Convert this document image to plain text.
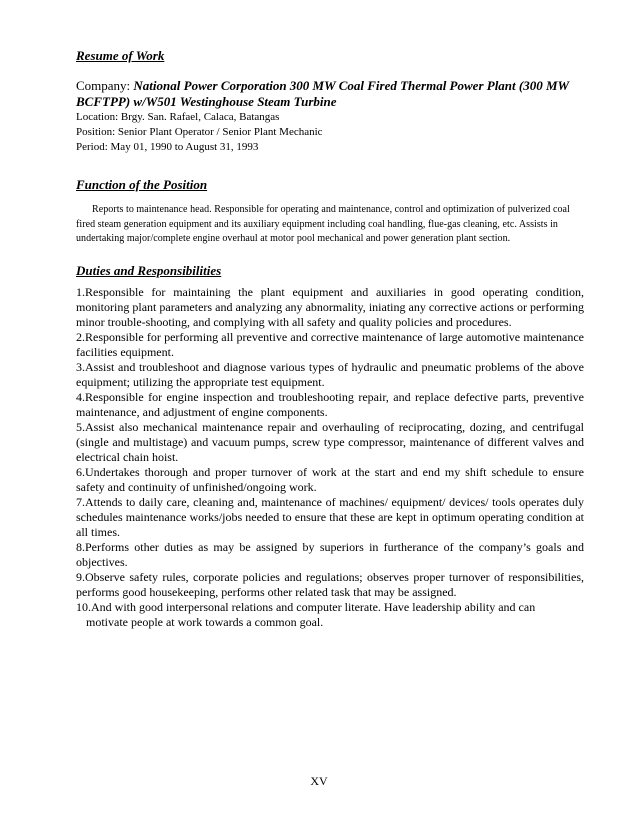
Resume of Work
Company: National Power Corporation 300 MW Coal Fired Thermal Power Plant (300 MW BCFTPP) w/W501 Westinghouse Steam Turbine
Location: Brgy. San. Rafael, Calaca, Batangas
Position: Senior Plant Operator / Senior Plant Mechanic
Period: May 01, 1990 to August 31, 1993
Function of the Position
Reports to maintenance head. Responsible for operating and maintenance, control and optimization of pulverized coal fired steam generation equipment and its auxiliary equipment including coal handling, flue-gas cleaning, etc. Assists in undertaking major/complete engine overhaul at motor pool mechanical and power generation plant section.
Duties and Responsibilities

1.Responsible for maintaining the plant equipment and auxiliaries in good operating condition, monitoring plant parameters and analyzing any abnormality, iniating any corrective actions or performing minor trouble-shooting, and complying with all safety and quality policies and procedures.

2.Responsible for performing all preventive and corrective maintenance of large automotive maintenance facilities equipment.

3.Assist and troubleshoot and diagnose various types of hydraulic and pneumatic problems of the above equipment; utilizing the appropriate test equipment.

4.Responsible for engine inspection and troubleshooting repair, and replace defective parts, preventive maintenance, and adjustment of engine components.

5.Assist also mechanical maintenance repair and overhauling of reciprocating, dozing, and centrifugal (single and multistage) and vacuum pumps, screw type compressor, maintenance of different valves and electrical chain hoist.

6.Undertakes thorough and proper turnover of work at the start and end my shift schedule to ensure safety and continuity of unfinished/ongoing work.

7.Attends to daily care, cleaning and, maintenance of machines/ equipment/ devices/ tools operates duly schedules maintenance works/jobs needed to ensure that these are kept in optimum operating condition at all times.

8.Performs other duties as may be assigned by superiors in furtherance of the company’s goals and objectives.

9.Observe safety rules, corporate policies and regulations; observes proper turnover of responsibilities, performs good housekeeping, performs other related task that may be assigned.

10.And with good interpersonal relations and computer literate. Have leadership ability and can
motivate people at work towards a common goal.

XV
